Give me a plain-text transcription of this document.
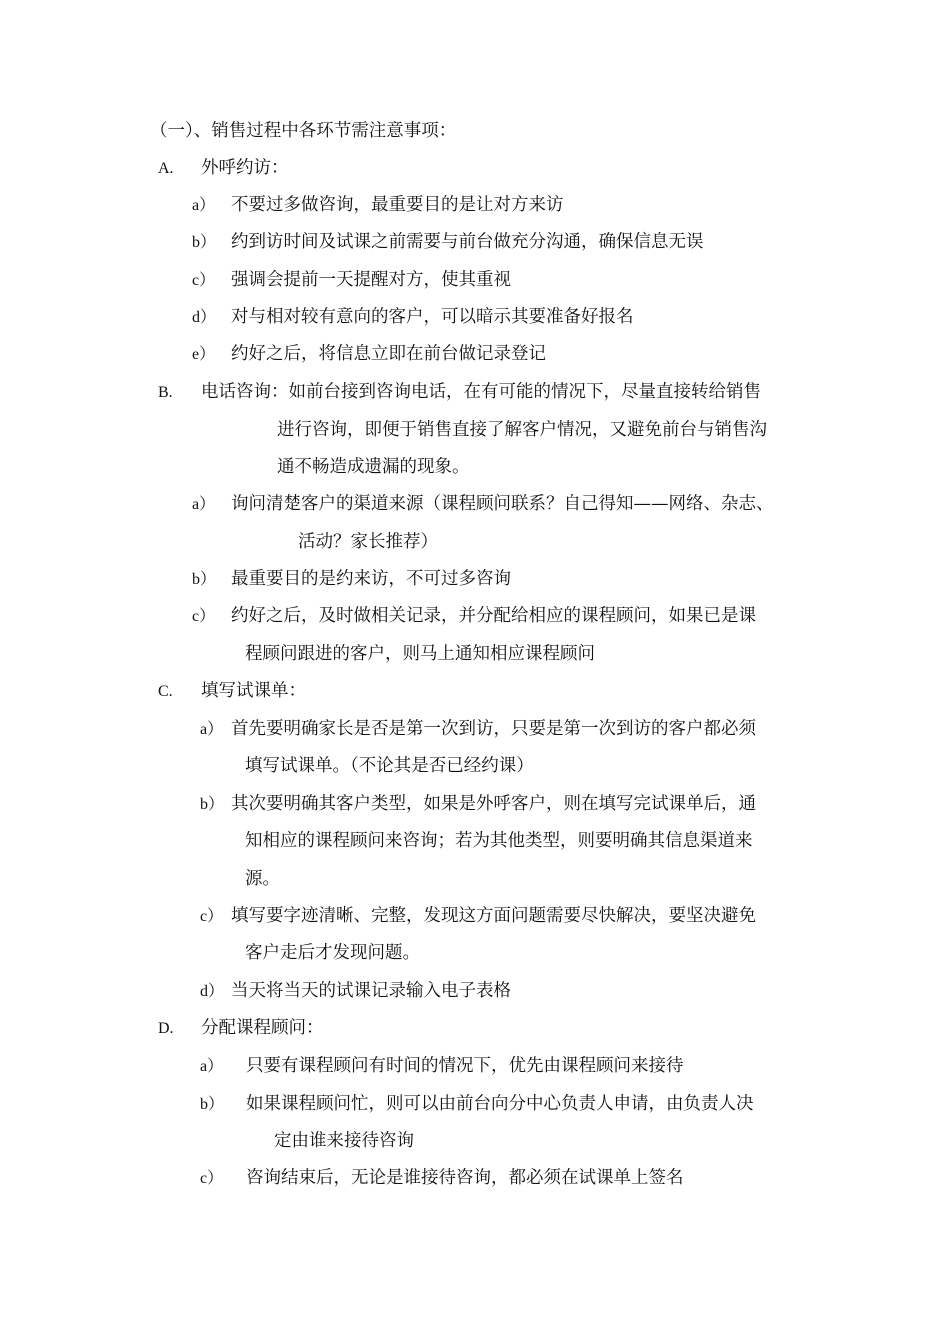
（一）、销售过程中各环节需注意事项：

A. 外呼约访：

a） 不要过多做咨询，最重要目的是让对方来访

b） 约到访时间及试课之前需要与前台做充分沟通，确保信息无误

c） 强调会提前一天提醒对方，使其重视

d） 对与相对较有意向的客户，可以暗示其要准备好报名

e） 约好之后，将信息立即在前台做记录登记

B. 电话咨询：如前台接到咨询电话，在有可能的情况下，尽量直接转给销售

进行咨询，即便于销售直接了解客户情况，又避免前台与销售沟

通不畅造成遗漏的现象。

a） 询问清楚客户的渠道来源（课程顾问联系？自己得知——网络、杂志、

活动？家长推荐）

b） 最重要目的是约来访，不可过多咨询

c） 约好之后，及时做相关记录，并分配给相应的课程顾问，如果已是课

程顾问跟进的客户，则马上通知相应课程顾问

C. 填写试课单：

a） 首先要明确家长是否是第一次到访，只要是第一次到访的客户都必须

填写试课单。（不论其是否已经约课）

b） 其次要明确其客户类型，如果是外呼客户，则在填写完试课单后，通

知相应的课程顾问来咨询；若为其他类型，则要明确其信息渠道来

源。

c） 填写要字迹清晰、完整，发现这方面问题需要尽快解决，要坚决避免

客户走后才发现问题。

d） 当天将当天的试课记录输入电子表格

D. 分配课程顾问：

a） 只要有课程顾问有时间的情况下，优先由课程顾问来接待

b） 如果课程顾问忙，则可以由前台向分中心负责人申请，由负责人决

定由谁来接待咨询

c） 咨询结束后，无论是谁接待咨询，都必须在试课单上签名
